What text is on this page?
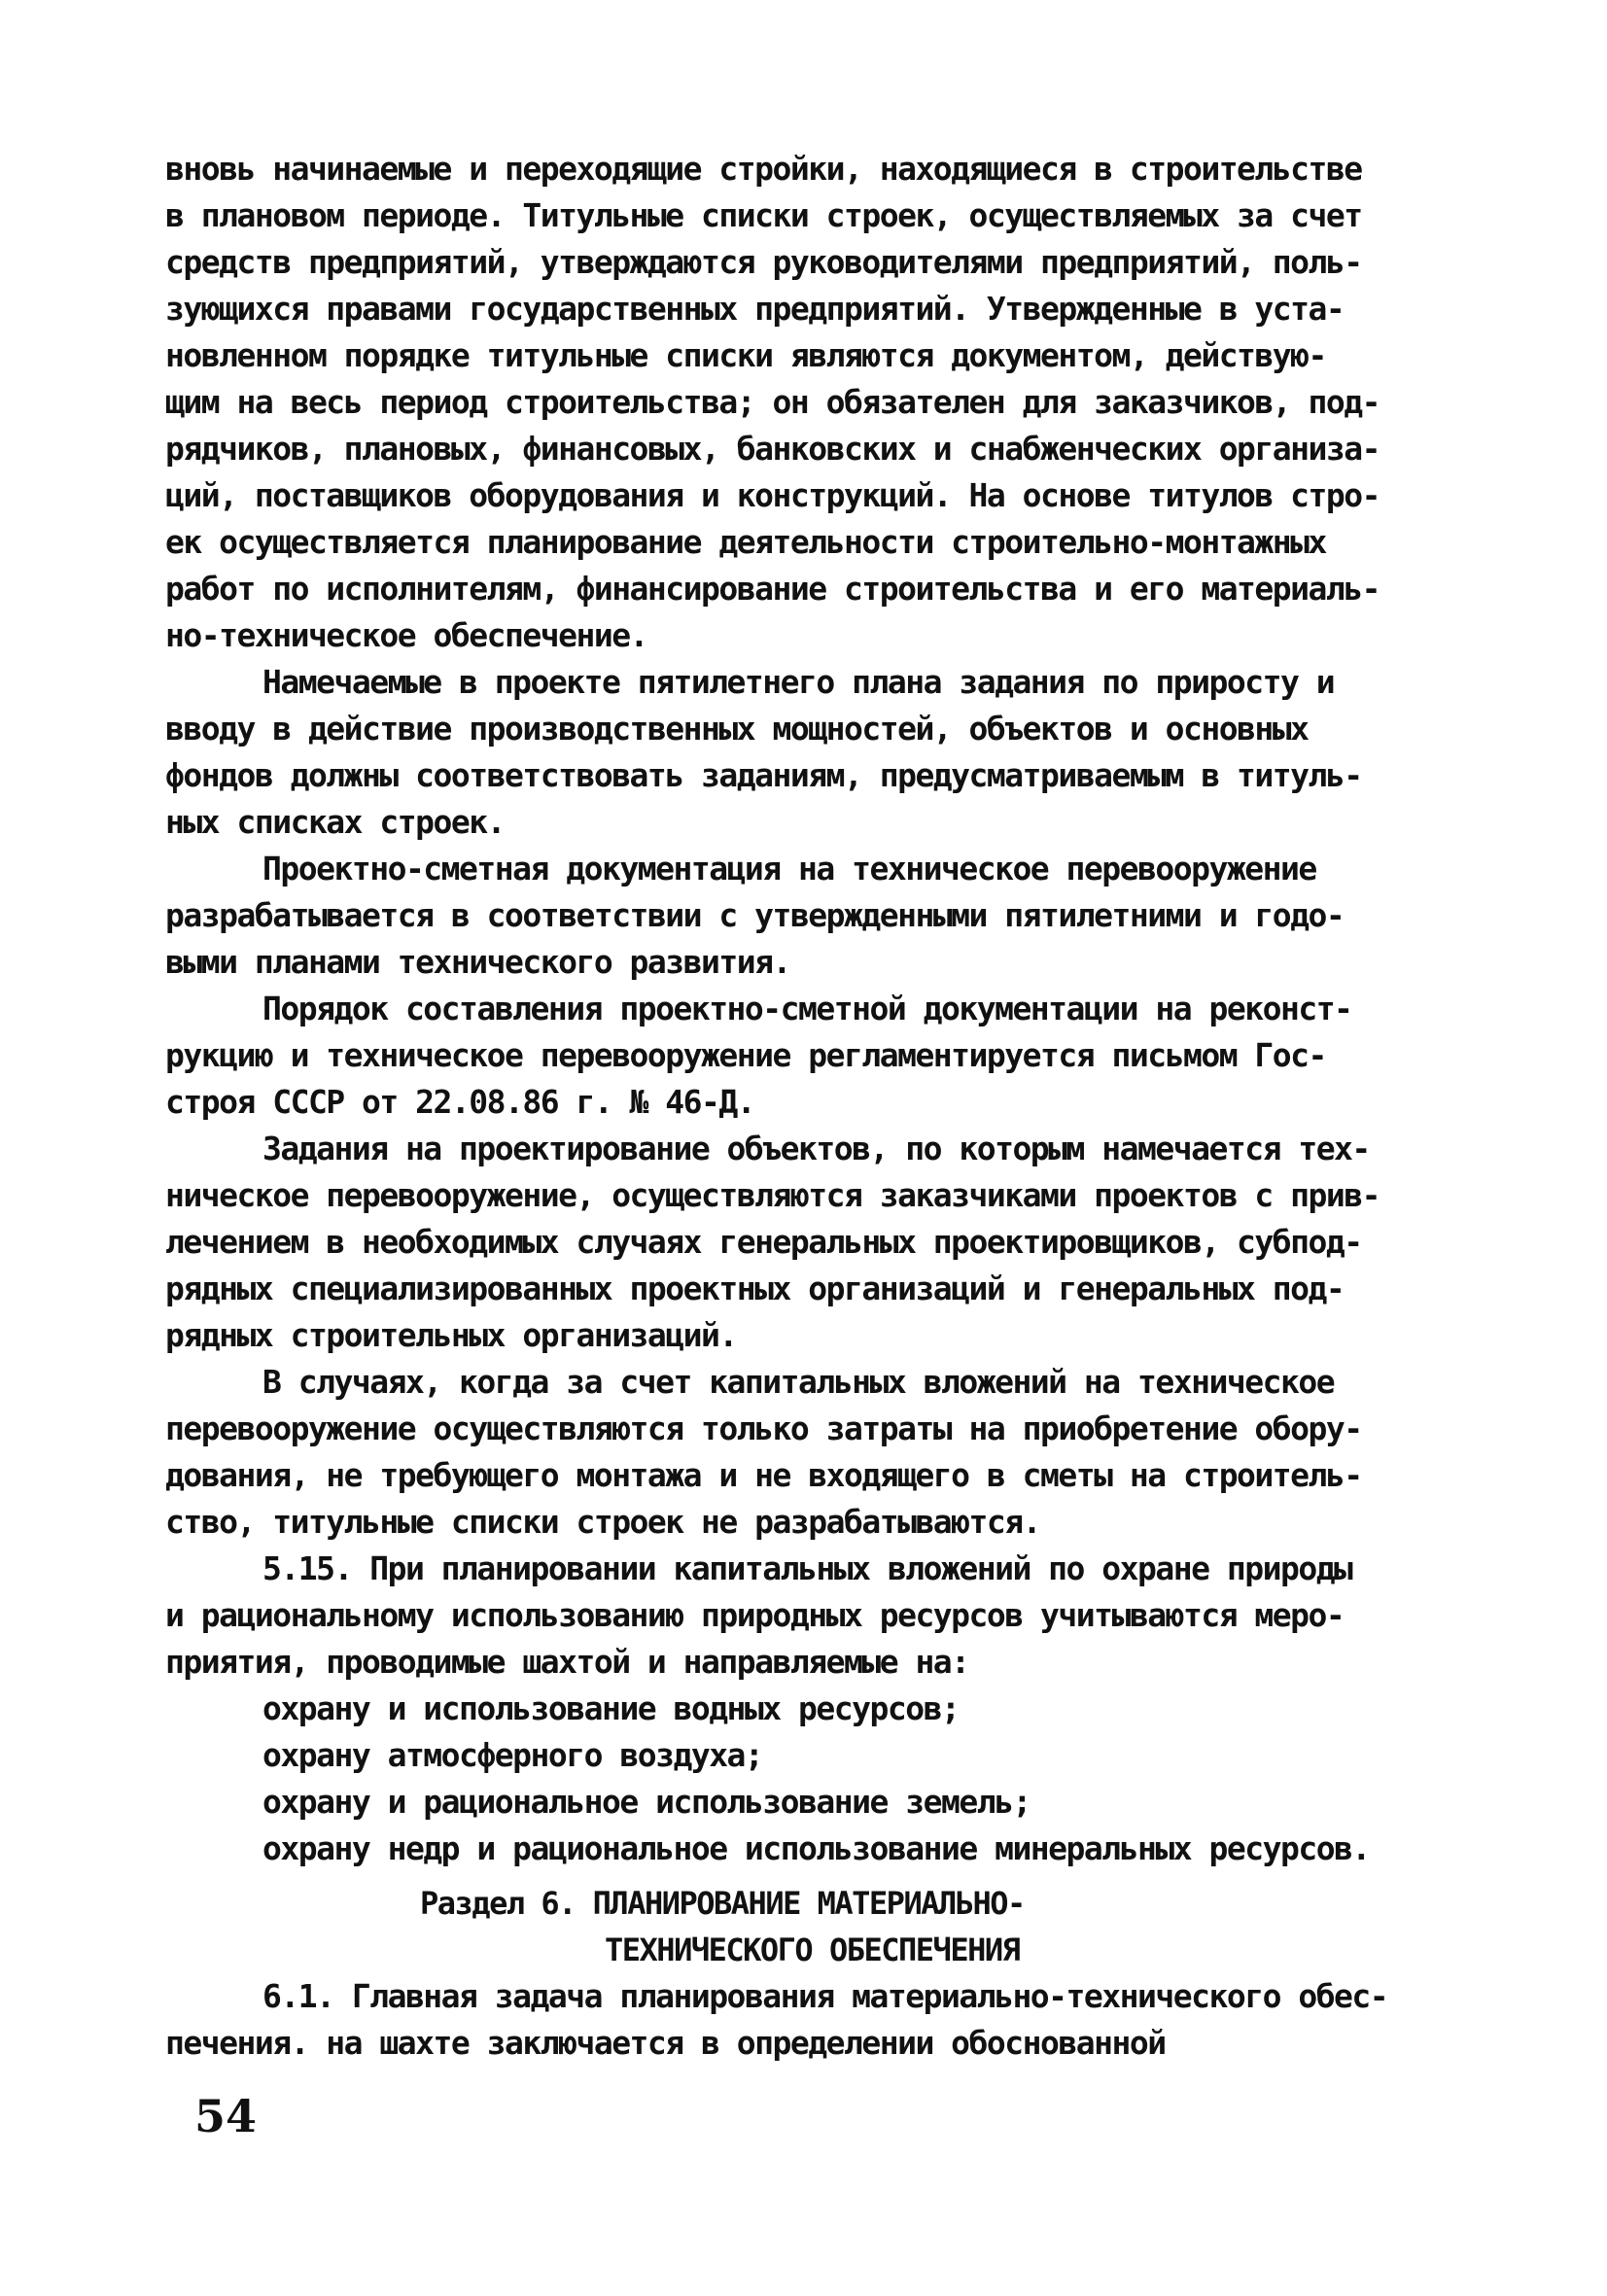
вновь начинаемые и переходящие стройки, находящиеся в строительстве
в плановом периоде. Титульные списки строек, осуществляемых за счет
средств предприятий, утверждаются руководителями предприятий, поль-
зующихся правами государственных предприятий. Утвержденные в уста-
новленном порядке титульные списки являются документом, действую-
щим на весь период строительства; он обязателен для заказчиков, под-
рядчиков, плановых, финансовых, банковских и снабженческих организа-
ций, поставщиков оборудования и конструкций. На основе титулов стро-
ек осуществляется планирование деятельности строительно-монтажных
работ по исполнителям, финансирование строительства и его материаль-
но-техническое обеспечение.

Намечаемые в проекте пятилетнего плана задания по приросту и
вводу в действие производственных мощностей, объектов и основных
фондов должны соответствовать заданиям, предусматриваемым в титуль-
ных списках строек.

Проектно-сметная документация на техническое перевооружение
разрабатывается в соответствии с утвержденными пятилетними и годо-
выми планами технического развития.

Порядок составления проектно-сметной документации на реконст-
рукцию и техническое перевооружение регламентируется письмом Гос-
строя СССР от 22.08.86 г. № 46-Д.

Задания на проектирование объектов, по которым намечается тех-
ническое перевооружение, осуществляются заказчиками проектов с прив-
лечением в необходимых случаях генеральных проектировщиков, субпод-
рядных специализированных проектных организаций и генеральных под-
рядных строительных организаций.

В случаях, когда за счет капитальных вложений на техническое
перевооружение осуществляются только затраты на приобретение обору-
дования, не требующего монтажа и не входящего в сметы на строитель-
ство, титульные списки строек не разрабатываются.

5.15. При планировании капитальных вложений по охране природы
и рациональному использованию природных ресурсов учитываются меро-
приятия, проводимые шахтой и направляемые на:

охрану и использование водных ресурсов;

охрану атмосферного воздуха;

охрану и рациональное использование земель;

охрану недр и рациональное использование минеральных ресурсов.

Раздел 6. ПЛАНИРОВАНИЕ МАТЕРИАЛЬНО-
ТЕХНИЧЕСКОГО ОБЕСПЕЧЕНИЯ

6.1. Главная задача планирования материально-технического обес-
печения. на шахте заключается в определении обоснованной

54
